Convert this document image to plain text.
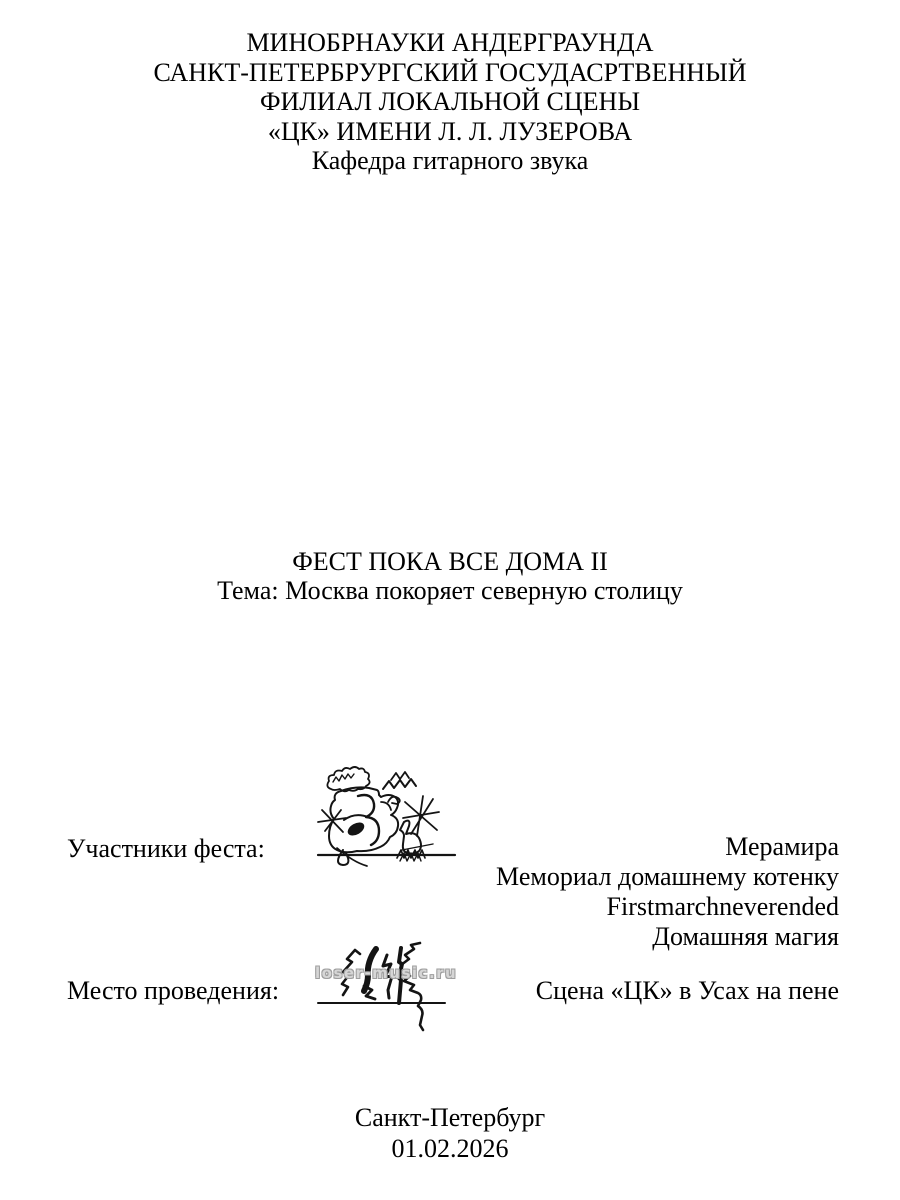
МИНОБРНАУКИ АНДЕРГРАУНДА
САНКТ-ПЕТЕРБРУРГСКИЙ ГОСУДАСРТВЕННЫЙ
ФИЛИАЛ ЛОКАЛЬНОЙ СЦЕНЫ
«ЦК» ИМЕНИ Л. Л. ЛУЗЕРОВА
Кафедра гитарного звука
ФЕСТ ПОКА ВСЕ ДОМА II
Тема: Москва покоряет северную столицу
Участники феста:	Мерамира
Мемориал домашнему котенку
Firstmarchneverended
Домашняя магия
Место проведения:
loser-music.ru
Сцена «ЦК» в Усах на пене
Санкт-Петербург
01.02.2026
